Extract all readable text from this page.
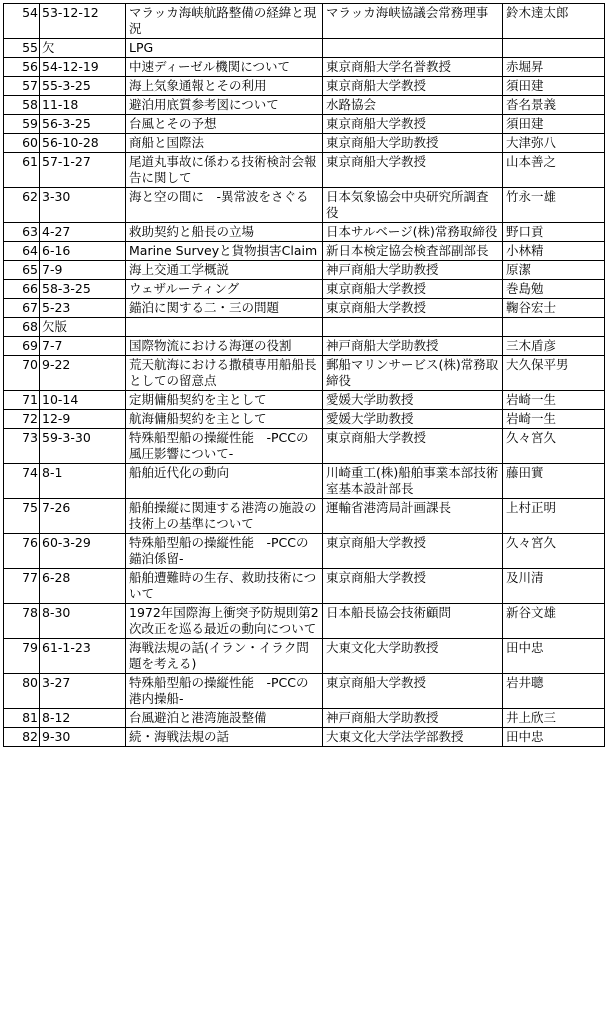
54	53-12-12	マラッカ海峡航路整備の経緯と現況	マラッカ海峡協議会常務理事	鈴木達太郎
55	欠	LPG		
56	54-12-19	中速ディーゼル機関について	東京商船大学名誉教授	赤堀昇
57	55-3-25	海上気象通報とその利用	東京商船大学教授	須田建
58	11-18	避泊用底質参考図について	水路協会	沓名景義
59	56-3-25	台風とその予想	東京商船大学教授	須田建
60	56-10-28	商船と国際法	東京商船大学助教授	大津弥八
61	57-1-27	尾道丸事故に係わる技術検討会報告に関して	東京商船大学教授	山本善之
62	3-30	海と空の間に　-異常波をさぐる	日本気象協会中央研究所調査役	竹永一雄
63	4-27	救助契約と船長の立場	日本サルベージ(株)常務取締役	野口貢
64	6-16	Marine Surveyと貨物損害Claim	新日本検定協会検査部副部長	小林精
65	7-9	海上交通工学概説	神戸商船大学助教授	原潔
66	58-3-25	ウェザルーティング	東京商船大学教授	巻島勉
67	5-23	錨泊に関する二・三の問題	東京商船大学教授	鞠谷宏士
68	欠版			
69	7-7	国際物流における海運の役割	神戸商船大学助教授	三木盾彦
70	9-22	荒天航海における撒積専用船船長としての留意点	郵船マリンサービス(株)常務取締役	大久保平男
71	10-14	定期傭船契約を主として	愛媛大学助教授	岩崎一生
72	12-9	航海傭船契約を主として	愛媛大学助教授	岩崎一生
73	59-3-30	特殊船型船の操縦性能　-PCCの風圧影響について-	東京商船大学教授	久々宮久
74	8-1	船舶近代化の動向	川崎重工(株)船舶事業本部技術室基本設計部長	藤田實
75	7-26	船舶操縦に関連する港湾の施設の技術上の基準について	運輸省港湾局計画課長	上村正明
76	60-3-29	特殊船型船の操縦性能　-PCCの錨泊係留-	東京商船大学教授	久々宮久
77	6-28	船舶遭難時の生存、救助技術について	東京商船大学教授	及川清
78	8-30	1972年国際海上衝突予防規則第2次改正を巡る最近の動向について	日本船長協会技術顧問	新谷文雄
79	61-1-23	海戦法規の話(イラン・イラク問題を考える)	大東文化大学助教授	田中忠
80	3-27	特殊船型船の操縦性能　-PCCの港内操船-	東京商船大学教授	岩井聰
81	8-12	台風避泊と港湾施設整備	神戸商船大学助教授	井上欣三
82	9-30	続・海戦法規の話	大東文化大学法学部教授	田中忠
